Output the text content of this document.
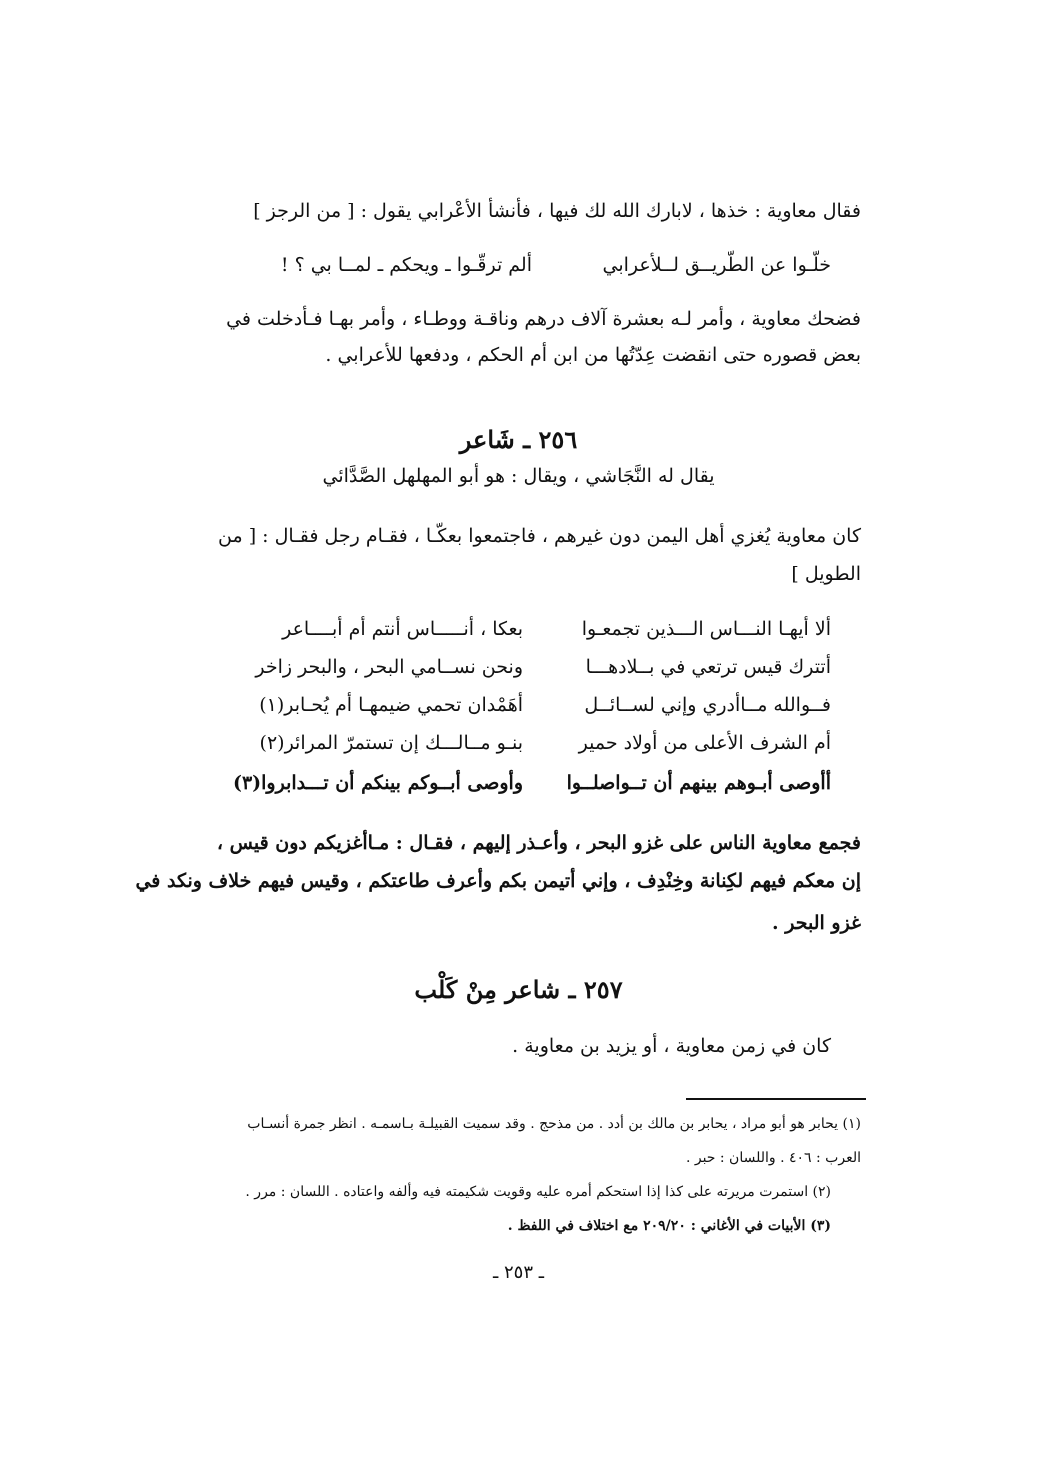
فقال معاوية : خذها ، لابارك الله لك فيها ، فأنشأ الأعْرابي يقول : [ من الرجز ]
خلّـوا عن الطّريــق لــلأعرابي
ألم ترقّـوا ـ ويحكم ـ لمــا بي ؟ !
فضحك معاوية ، وأمر لـه بعشرة آلاف درهم وناقـة ووطـاء ، وأمر بهـا فـأدخلت في
بعض قصوره حتى انقضت عِدّتُها من ابن أم الحكم ، ودفعها للأعرابي .
٢٥٦ ـ شَاعر
يقال له النَّجَاشي ، ويقال : هو أبو المهلهل الصَّدَّائي
كان معاوية يُغزي أهل اليمن دون غيرهم ، فاجتمعوا بعكّـا ، فقـام رجل فقـال : [ من
الطويل ]
ألا أيهـا النـــاس الـــذين تجمعـوا
بعكا ، أنـــــاس أنتم أم أبــــاعر
أتترك قيس ترتعي في بــلادهـــا
ونحن نســامي البحر ، والبحر زاخر
فــوالله مــاأدري وإني لســائــل
أهَمْدان تحمي ضيمهـا أم يُحـابر(١)
أم الشرف الأعلى من أولاد حمير
بنـو مــالـــك إن تستمرّ المرائر(٢)
أأوصى أبـوهم بينهم أن تــواصلــوا
وأوصى أبــوكم بينكم أن تـــدابروا(٣)
فجمع معاوية الناس على غزو البحر ، وأعـذر إليهم ، فقـال : مـاأغزيكم دون قيس ،
إن معكم فيهم لكِنانة وخِنْدِف ، وإني أتيمن بكم وأعرف طاعتكم ، وقيس فيهم خلاف ونكد في
غزو البحر .
٢٥٧ ـ شاعر مِنْ كَلْب
كان في زمن معاوية ، أو يزيد بن معاوية .
(١) يحابر هو أبو مراد ، يحابر بن مالك بن أدد . من مذحج . وقد سميت القبيلـة بـاسمـه . انظر جمرة أنسـاب
العرب : ٤٠٦ . واللسان : حبر .
(٢) استمرت مريرته على كذا إذا استحكم أمره عليه وقويت شكيمته فيه وألفه واعتاده . اللسان : مرر .
(٣) الأبيات في الأغاني : ٢٠٩/٢٠ مع اختلاف في اللفظ .
ـ ٢٥٣ ـ
